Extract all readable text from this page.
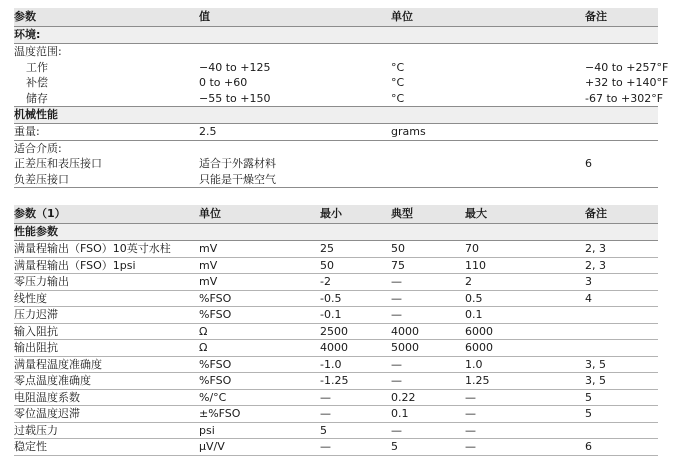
参数	值	单位	备注
环境:			
温度范围:			
工作	−40 to +125	°C	−40 to +257°F
补偿	0 to +60	°C	+32 to +140°F
储存	−55 to +150	°C	-67 to +302°F
机械性能			
重量:	2.5	grams	
适合介质:			
正差压和表压接口	适合于外露材料		6
负差压接口	只能是干燥空气		
参数（1）	单位	最小	典型	最大	备注
性能参数					
满量程输出（FSO）10英寸水柱	mV	25	50	70	2, 3
满量程输出（FSO）1psi	mV	50	75	110	2, 3
零压力输出	mV	-2	—	2	3
线性度	%FSO	-0.5	—	0.5	4
压力迟滞	%FSO	-0.1	—	0.1	
输入阻抗	Ω	2500	4000	6000	
输出阻抗	Ω	4000	5000	6000	
满量程温度准确度	%FSO	-1.0	—	1.0	3, 5
零点温度准确度	%FSO	-1.25	—	1.25	3, 5
电阻温度系数	%/°C	—	0.22	—	5
零位温度迟滞	±%FSO	—	0.1	—	5
过载压力	psi	5	—	—	
稳定性	μV/V	—	5	—	6
